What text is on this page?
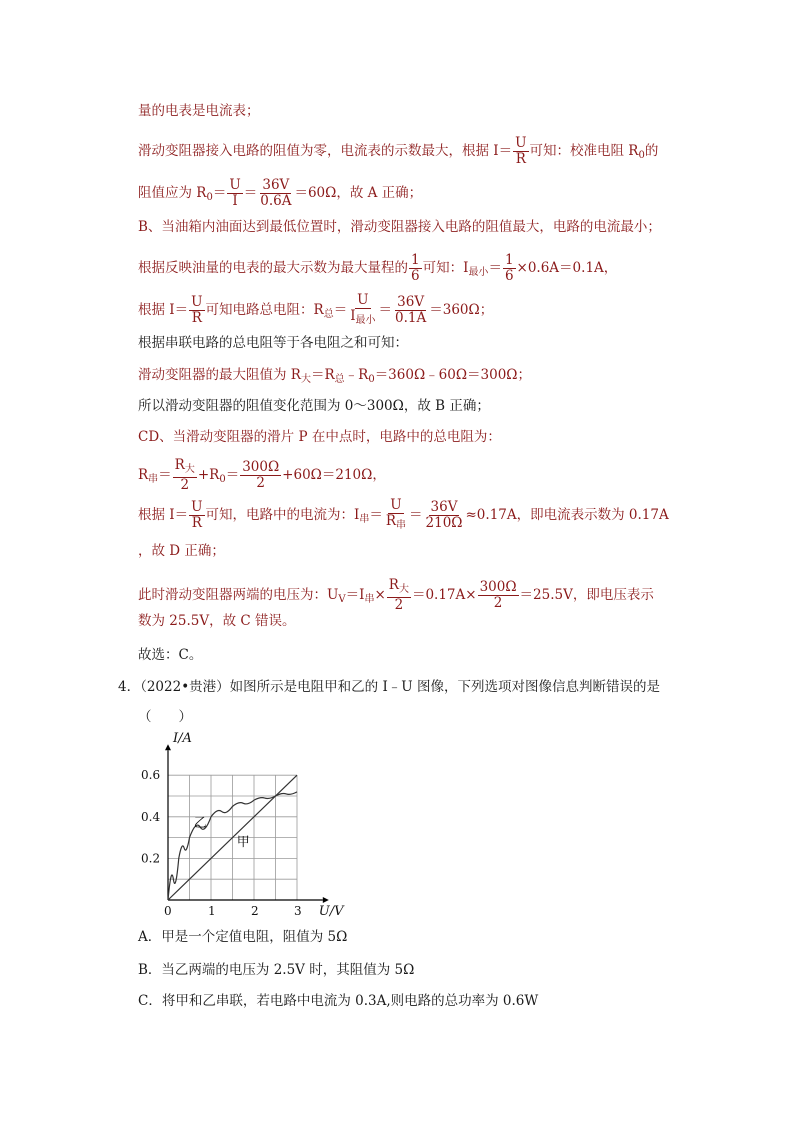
量的电表是电流表；
滑动变阻器接入电路的阻值为零，电流表的示数最大，根据 $I= \frac{U}{R}$ 可知：校准电阻 $R_0$的
阻值应为 $R_0= \frac{U}{I} = \frac{36V}{0.6A} =60\Omega$，故 A 正确；
B、当油箱内油面达到最低位置时，滑动变阻器接入电路的阻值最大，电路的电流最小；
根据反映油量的电表的最大示数为最大量程的 $\frac{1}{6}$ 可知：$I_{最小}= \frac{1}{6} \times 0.6A=0.1A$，
根据 $I= \frac{U}{R}$ 可知电路总电阻：$R_总= \frac{U}{I_{最小}} = \frac{36V}{0.1A} =360\Omega$；
根据串联电路的总电阻等于各电阻之和可知：
滑动变阻器的最大阻值为 $R_大=R_总﹣R_0=360\Omega﹣60\Omega=300\Omega$；
所以滑动变阻器的阻值变化范围为 0～300Ω，故 B 正确；
CD、当滑动变阻器的滑片 P 在中点时，电路中的总电阻为：
$R_串= \frac{R_大}{2} +R_0= \frac{300\Omega}{2} +60\Omega=210\Omega$，
根据 $I= \frac{U}{R}$ 可知，电路中的电流为：$I_串= \frac{U}{R_串} = \frac{36V}{210\Omega} \approx 0.17A$，即电流表示数为 0.17A
，故 D 正确；
此时滑动变阻器两端的电压为：$U_V=I_串\times \frac{R_大}{2} =0.17A\times \frac{300\Omega}{2} =25.5V$，即电压表示
数为 25.5V，故 C 错误。
故选：C。
4．（2022•贵港）如图所示是电阻甲和乙的 I﹣U 图像，下列选项对图像信息判断错误的是
（　　）
0	1	2	3
0.2
0.4
0.6
I/A
U/V
乙
甲
A．甲是一个定值电阻，阻值为 5Ω
B．当乙两端的电压为 2.5V 时，其阻值为 5Ω
C．将甲和乙串联，若电路中电流为 0.3A,则电路的总功率为 0.6W
